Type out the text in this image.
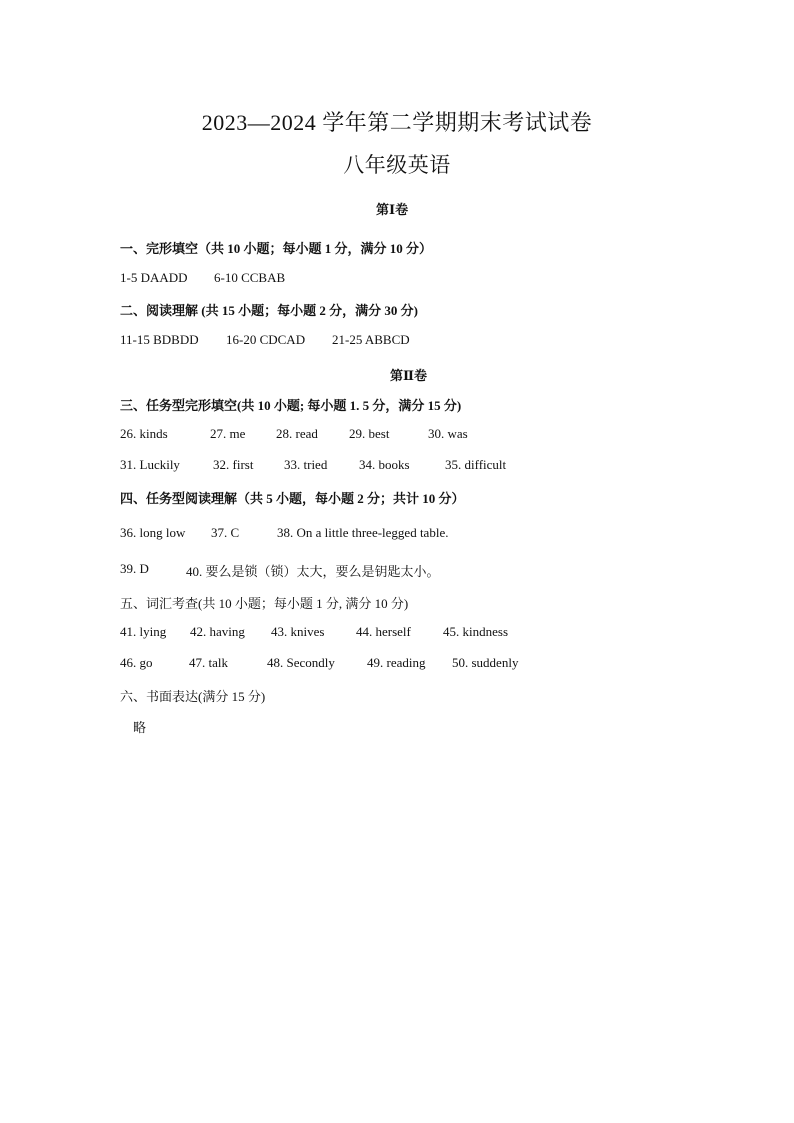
2023—2024 学年第二学期期末考试试卷
八年级英语
第Ⅰ卷
一、完形填空（共 10 小题；每小题 1 分，满分 10 分）
1-5 DAADD 6-10 CCBAB
二、阅读理解 (共 15 小题；每小题 2 分，满分 30 分)
11-15 BDBDD 16-20 CDCAD 21-25 ABBCD
第Ⅱ卷
三、任务型完形填空(共 10 小题; 每小题 1. 5 分，满分 15 分)
26. kinds	27. me 28. read 29. best	30. was
31. Luckily	32. first 33. tried 34. books	35. difficult
四、任务型阅读理解（共 5 小题，每小题 2 分；共计 10 分）
36. long low 37. C	38. On a little three-legged table.
39. D	40. 要么是锁（锁）太大，要么是钥匙太小。
五、词汇考查(共 10 小题；每小题 1 分, 满分 10 分)
41. lying 42. having 43. knives 44. herself 45. kindness
46. go	47. talk	48. Secondly 49. reading 50. suddenly
六、书面表达(满分 15 分)
略
